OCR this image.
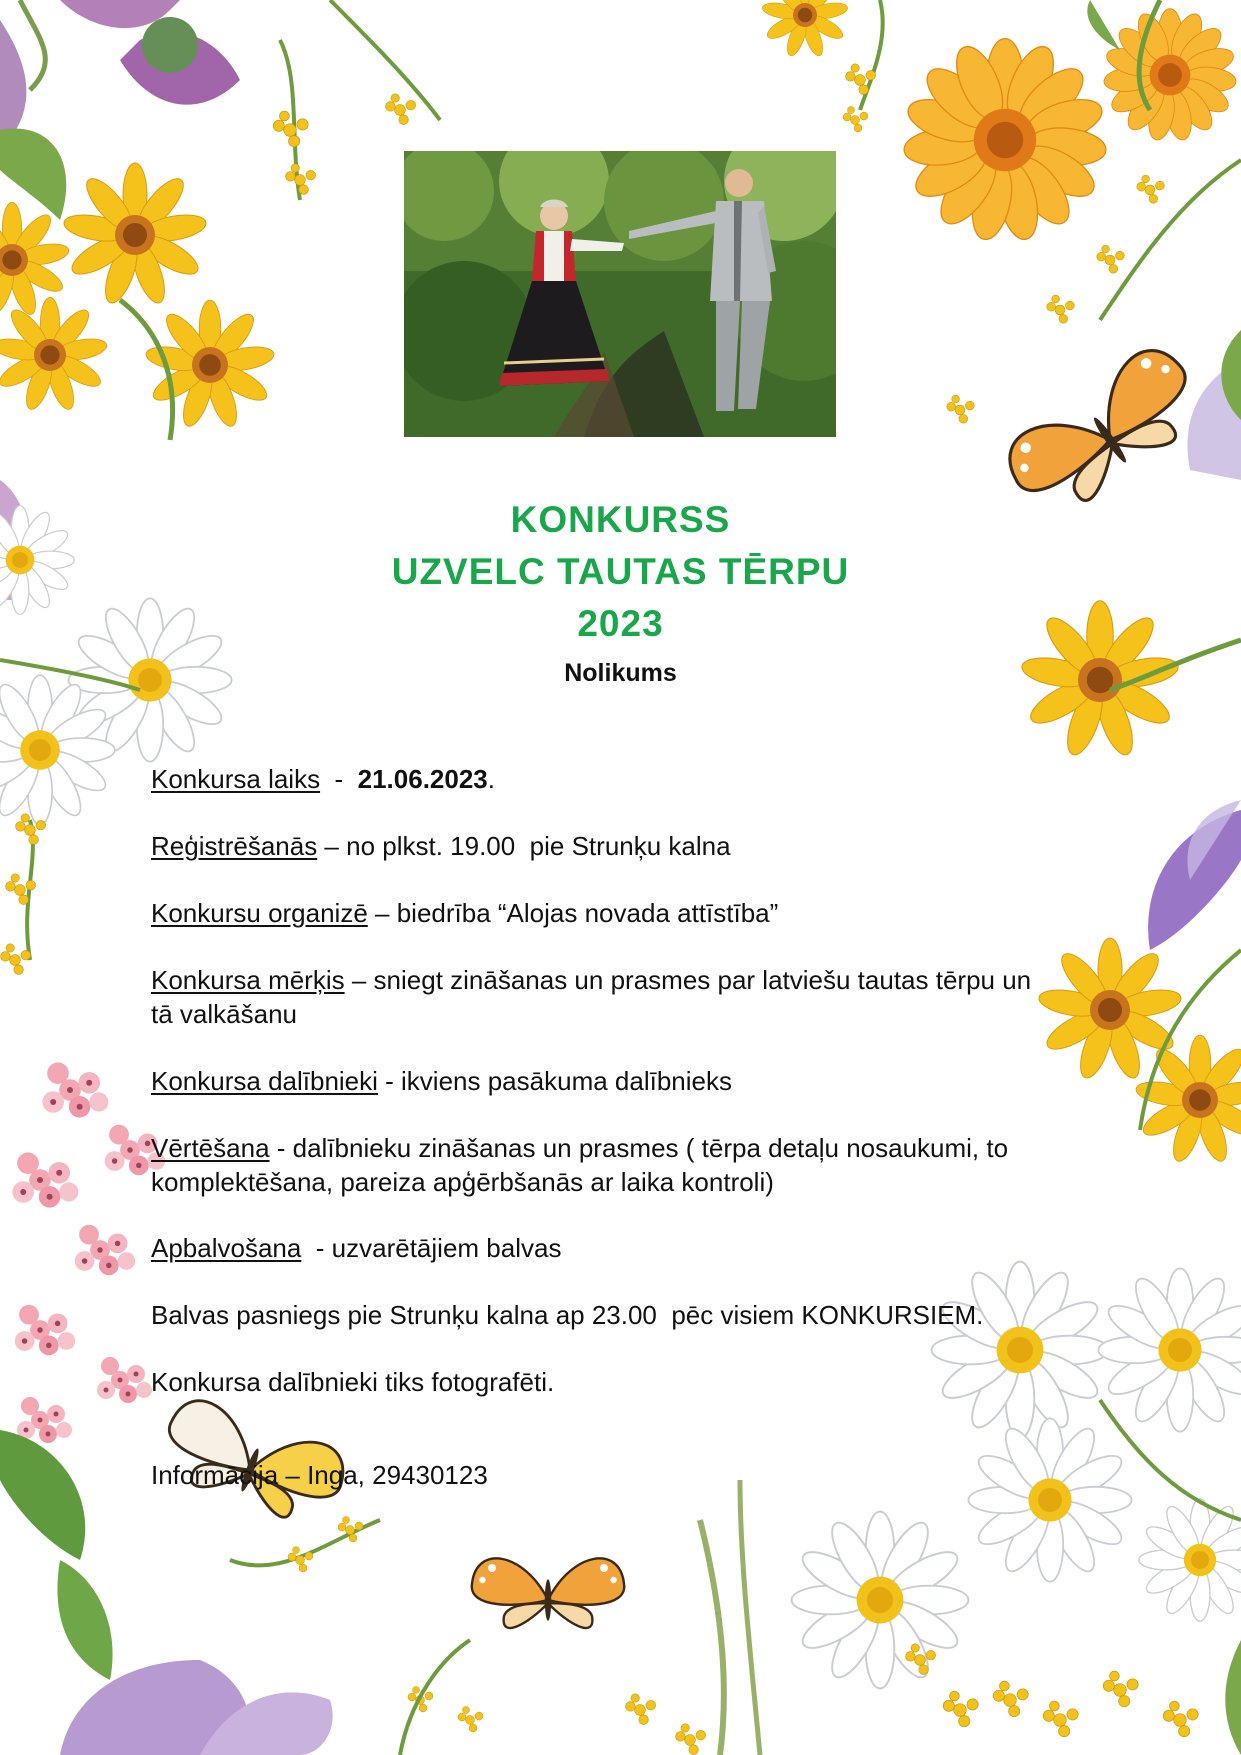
KONKURSS
UZVELC TAUTAS TĒRPU
2023
Nolikums
Konkursa laiks  -  21.06.2023.
Reģistrēšanās – no plkst. 19.00  pie Strunķu kalna
Konkursu organizē – biedrība “Alojas novada attīstība”
Konkursa mērķis – sniegt zināšanas un prasmes par latviešu tautas tērpu un tā valkāšanu
Konkursa dalībnieki - ikviens pasākuma dalībnieks
Vērtēšana - dalībnieku zināšanas un prasmes ( tērpa detaļu nosaukumi, to komplektēšana, pareiza apģērbšanās ar laika kontroli)
Apbalvošana  - uzvarētājiem balvas
Balvas pasniegs pie Strunķu kalna ap 23.00  pēc visiem KONKURSIEM.
Konkursa dalībnieki tiks fotografēti.
Informācija – Inga, 29430123
